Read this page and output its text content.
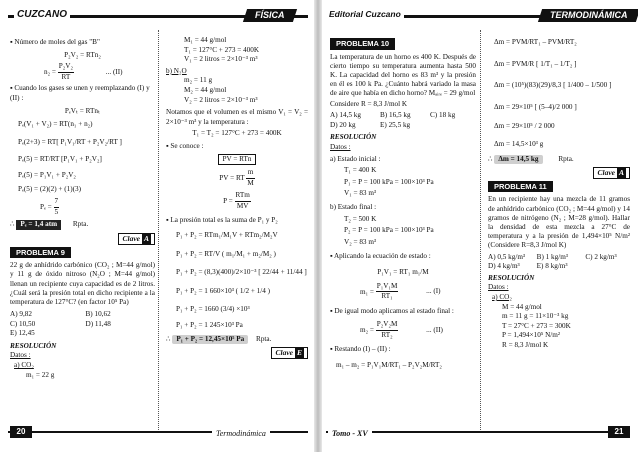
CUZCANO	FÍSICA

▪ Número de moles del gas "B"

P₂V₂ = RTn₂

$n_2 = \frac{\text{P₂V₂}}{RT}$	... (II)

▪ Cuando los gases se unen y reemplazando (I) y (II) :

PₑVₜ = RTnₜ

Pₑ(V₁ + V₂) = RT(n₁ + n₂)

Pₑ(2+3) = RT[ P₁V₁/RT + P₂V₂/RT ]

Pₑ(5) = RT/RT [P₁V₁ + P₂V₂]

Pₑ(5) = P₁V₁ + P₂V₂

Pₑ(5) = (2)(2) + (1)(3)

$P_e = \frac{7}{5}$

∴ Pₑ = 1,4 atm Rpta.

Clave A

PROBLEMA 9

22 g de anhídrido carbónico (CO₂ ; M=44 g/mol) y 11 g de óxido nitroso (N₂O ; M=44 g/mol) llenan un recipiente cuya capacidad es de 2 litros. ¿Cuál será la presión total en dicho recipiente a la temperatura de 127°C? (en factor 10⁵ Pa)

A) 9,82	B) 10,62
C) 10,50	D) 11,48
E) 12,45

RESOLUCIÓN

Datos :

a) CO₂

m₁ = 22 g

M₁ = 44 g/mol

T₁ = 127°C + 273 = 400K

V₁ = 2 litros = 2×10⁻³ m³

b) N₂O

m₂ = 11 g

M₂ = 44 g/mol

V₂ = 2 litros = 2×10⁻³ m³

Notamos que el volumen es el mismo V₁ = V₂ = 2×10⁻³ m³ y la temperatura :

T₁ = T₂ = 127°C + 273 = 400K

▪ Se conoce :

PV = RTn

PV = RT $\frac{m}{M}$

$P = \frac{\text{RTm}}{MV}$

▪ La presión total es la suma de P₁ y P₂

P₁ + P₂ = RTm₁/M₁V + RTm₂/M₂V

P₁ + P₂ = RT/V ( m₁/M₁ + m₂/M₂ )

P₁ + P₂ = (8,3)(400)/2×10⁻³ [ 22/44 + 11/44 ]

P₁ + P₂ = 1 660×10³ ( 1/2 + 1/4 )

P₁ + P₂ = 1660 (3/4) ×10³

P₁ + P₂ = 1 245×10³ Pa

∴ P₁ + P₂ = 12,45×10⁵ Pa Rpta.

Clave E

20	Termodinámica
Editorial Cuzcano	TERMODINÁMICA
PROBLEMA 10

La temperatura de un horno es 400 K. Después de cierto tiempo su temperatura aumenta hasta 500 K. La capacidad del horno es 83 m³ y la presión en él es 100 k Pa. ¿Cuánto habrá variado la masa de aire que había en dicho horno? Mₐᵢᵣₑ = 29 g/mol

Considere R = 8,3 J/mol K

A) 14,5 kg	B) 16,5 kg	C) 18 kg
D) 20 kg	E) 25,5 kg

RESOLUCIÓN

Datos :

a) Estado inicial :

T₁ = 400 K

P₁ = P = 100 kPa = 100×10³ Pa

V₁ = 83 m³

b) Estado final :

T₂ = 500 K

P₂ = P = 100 kPa = 100×10³ Pa

V₂ = 83 m³

▪ Aplicando la ecuación de estado :

P₁V₁ = RT₁ m₁/M

$m_1 = \frac{\text{P₁V₁M}}{\text{RT₁}}$	... (I)

▪ De igual modo aplicamos al estado final :

$m_2 = \frac{\text{P₂V₂M}}{\text{RT₂}}$	... (II)

▪ Restando (I) – (II) :

m₁ – m₂ = P₁V₁M/RT₁ – P₂V₂M/RT₂

Δm = PVM/RT₁ – PVM/RT₂

Δm = PVM/R [ 1/T₁ – 1/T₂ ]

Δm = (10⁵)(83)(29)/8,3 [ 1/400 – 1/500 ]

Δm = 29×10⁵ [ (5–4)/2 000 ]

Δm = 29×10⁵ / 2 000

Δm = 14,5×10³ g

∴ Δm = 14,5 kg	Rpta.

Clave A

PROBLEMA 11

En un recipiente hay una mezcla de 11 gramos de anhídrido carbónico (CO₂ ; M=44 g/mol) y 14 gramos de nitrógeno (N₂ ; M=28 g/mol). Hallar la densidad de esta mezcla a 27°C de temperatura y a la presión de 1,494×10⁵ N/m² (Considere R=8,3 J/mol K)

A) 0,5 kg/m³	B) 1 kg/m³	C) 2 kg/m³
D) 4 kg/m³	E) 8 kg/m³

RESOLUCIÓN

Datos :

a) CO₂

M = 44 g/mol

m = 11 g = 11×10⁻³ kg

T = 27°C + 273 = 300K

P = 1,494×10⁵ N/m²

R = 8,3 J/mol K

Tomo - XV	21
